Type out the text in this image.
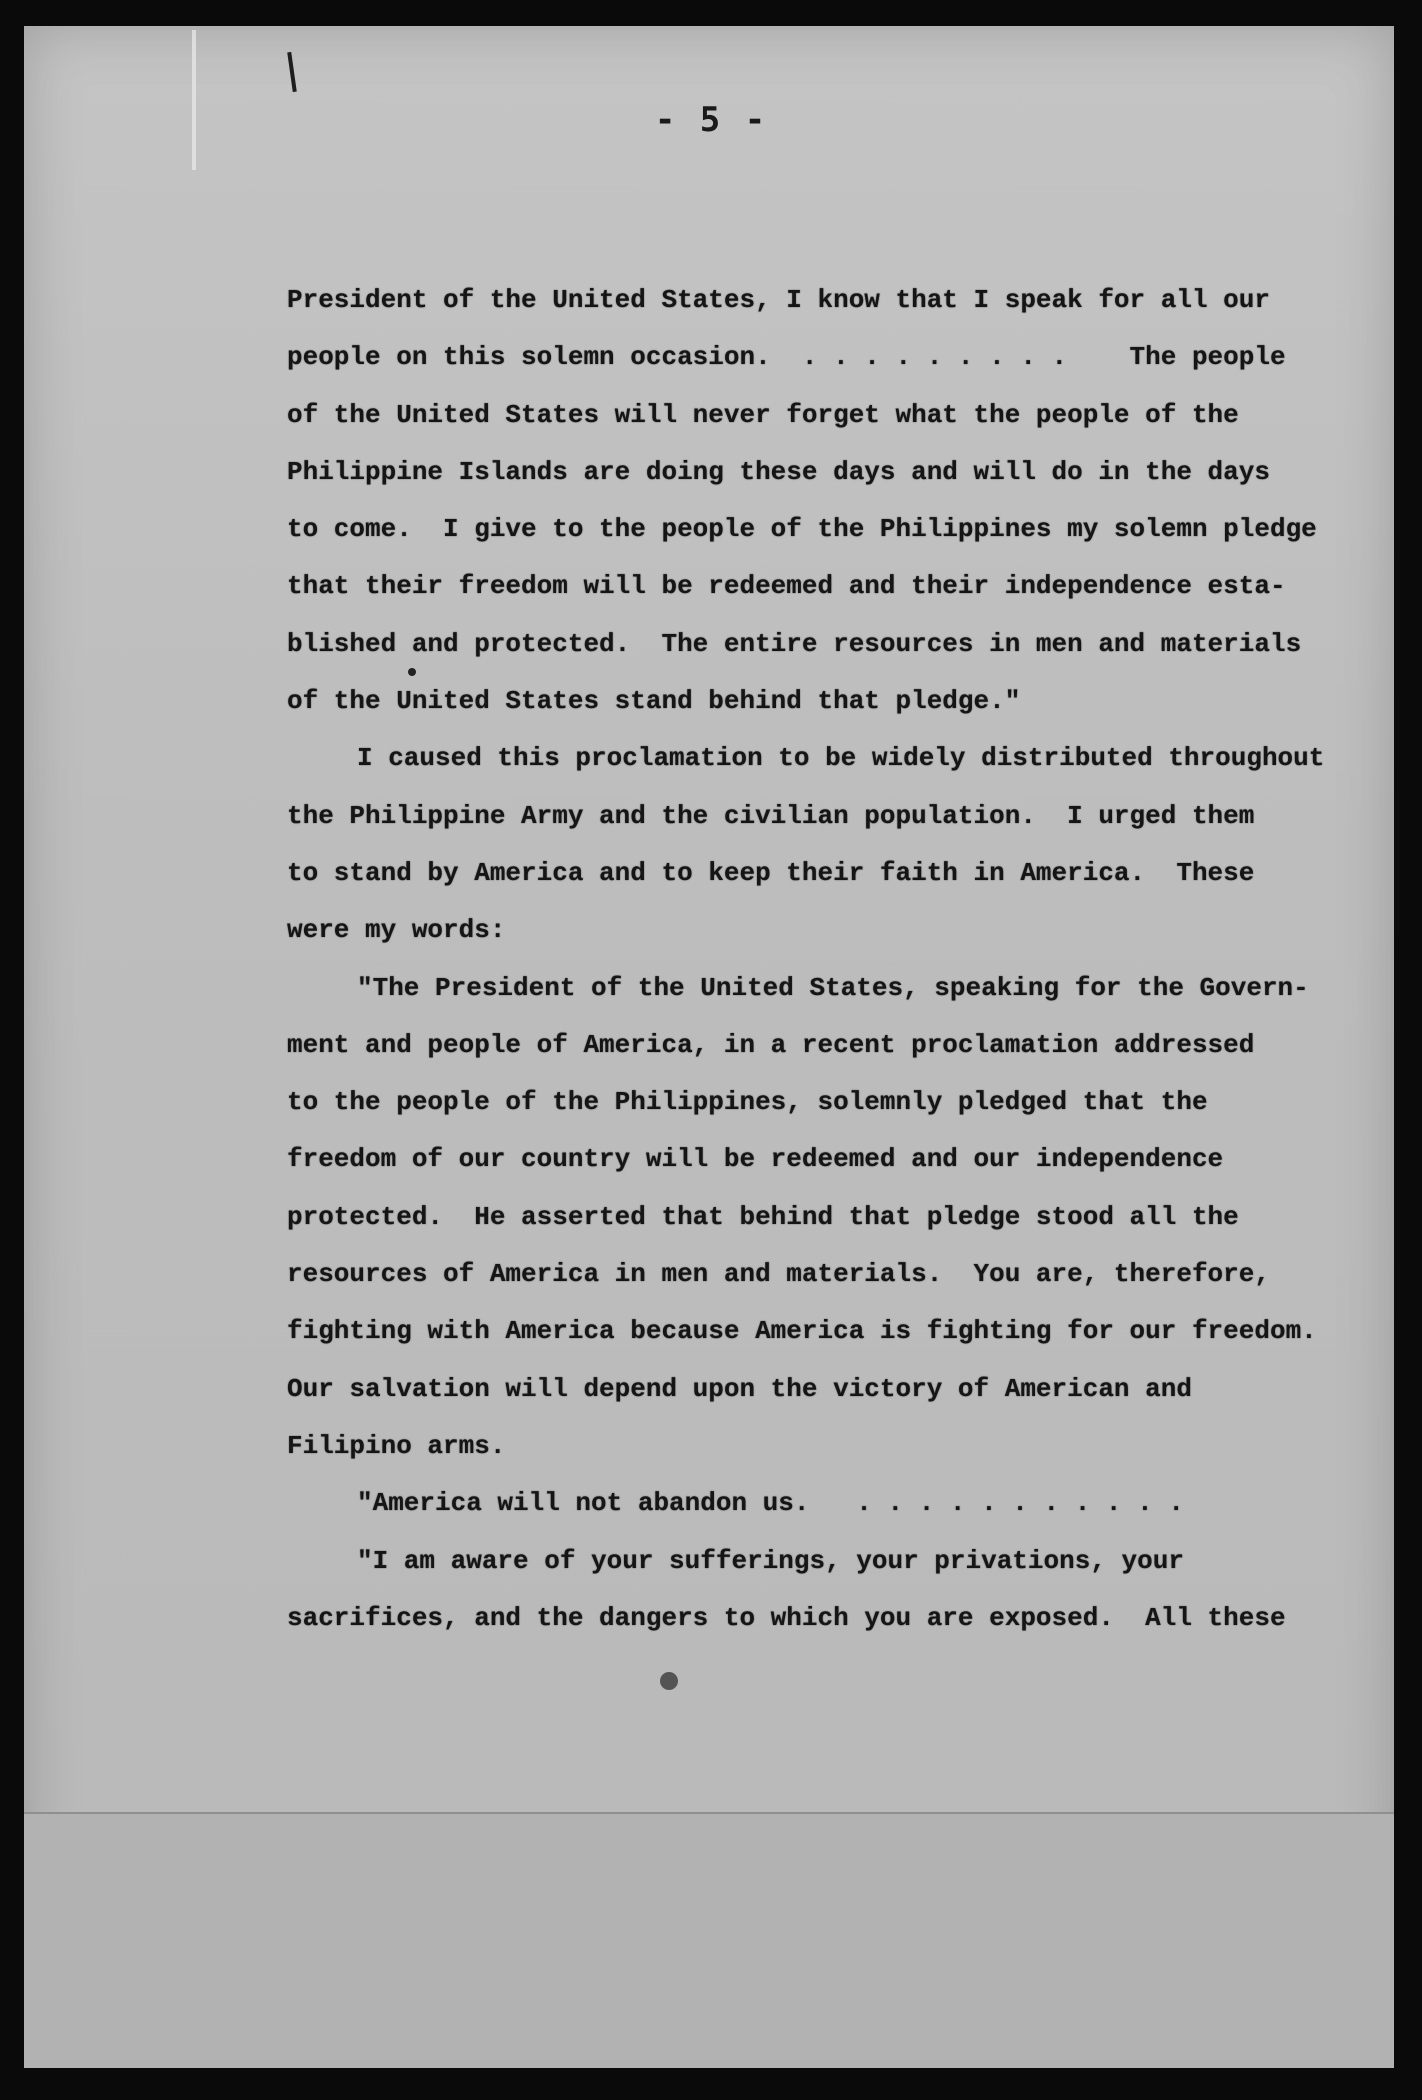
- 5 -
President of the United States, I know that I speak for all our
people on this solemn occasion.  . . . . . . . . .    The people
of the United States will never forget what the people of the
Philippine Islands are doing these days and will do in the days
to come.  I give to the people of the Philippines my solemn pledge
that their freedom will be redeemed and their independence esta-
blished and protected.  The entire resources in men and materials
of the United States stand behind that pledge."
I caused this proclamation to be widely distributed throughout
the Philippine Army and the civilian population.  I urged them
to stand by America and to keep their faith in America.  These
were my words:
"The President of the United States, speaking for the Govern-
ment and people of America, in a recent proclamation addressed
to the people of the Philippines, solemnly pledged that the
freedom of our country will be redeemed and our independence
protected.  He asserted that behind that pledge stood all the
resources of America in men and materials.  You are, therefore,
fighting with America because America is fighting for our freedom.
Our salvation will depend upon the victory of American and
Filipino arms.
"America will not abandon us.   . . . . . . . . . . .
"I am aware of your sufferings, your privations, your
sacrifices, and the dangers to which you are exposed.  All these
